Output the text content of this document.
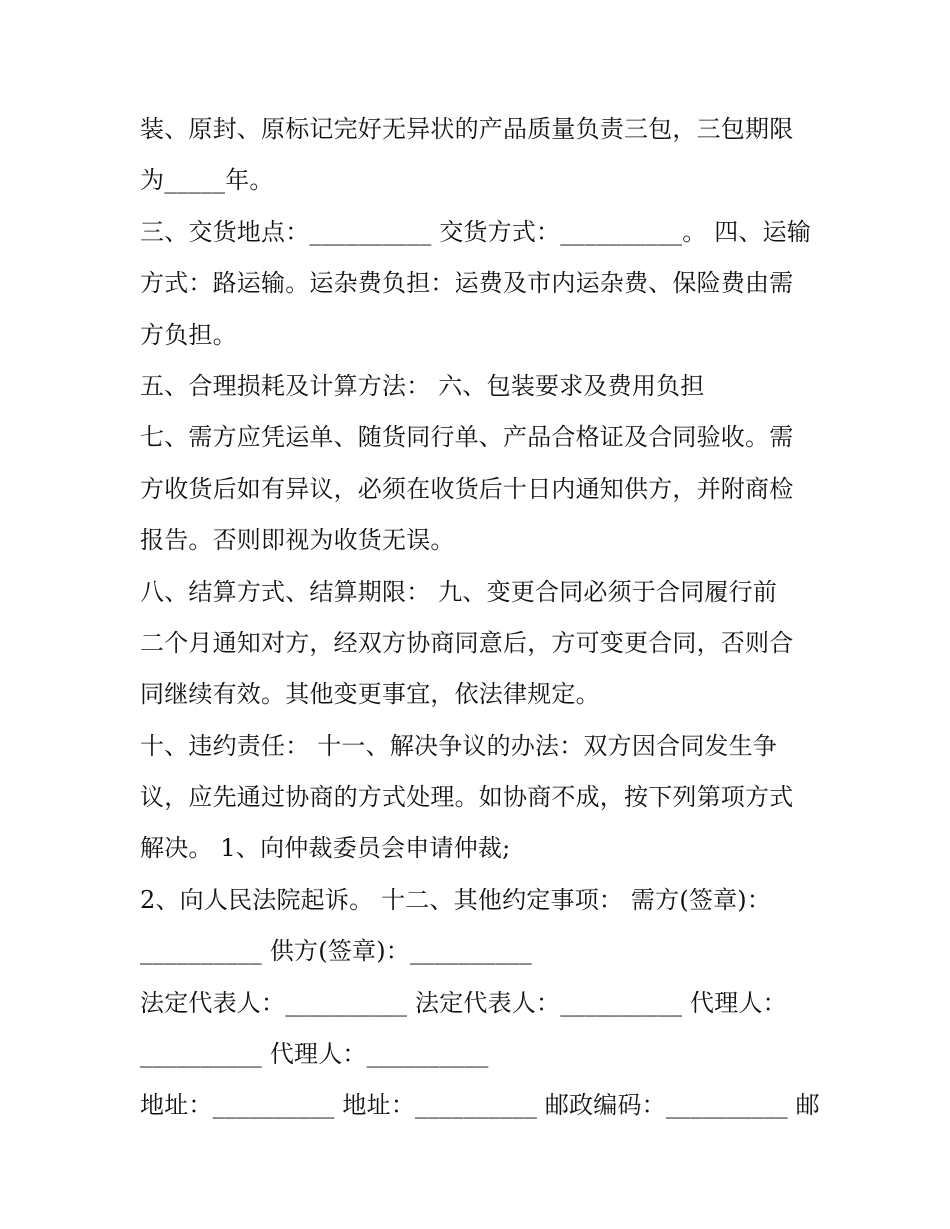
装、原封、原标记完好无异状的产品质量负责三包，三包期限
为_____年。
三、交货地点：__________ 交货方式：__________。 四、运输
方式：路运输。运杂费负担：运费及市内运杂费、保险费由需
方负担。
五、合理损耗及计算方法： 六、包装要求及费用负担
七、需方应凭运单、随货同行单、产品合格证及合同验收。需
方收货后如有异议，必须在收货后十日内通知供方，并附商检
报告。否则即视为收货无误。
八、结算方式、结算期限： 九、变更合同必须于合同履行前
二个月通知对方，经双方协商同意后，方可变更合同，否则合
同继续有效。其他变更事宜，依法律规定。
十、违约责任： 十一、解决争议的办法：双方因合同发生争
议，应先通过协商的方式处理。如协商不成，按下列第项方式
解决。 1、向仲裁委员会申请仲裁;
2、向人民法院起诉。 十二、其他约定事项： 需方(签章)：
__________ 供方(签章)：__________
法定代表人：__________ 法定代表人：__________ 代理人：
__________ 代理人：__________
地址：__________ 地址：__________ 邮政编码：__________ 邮
